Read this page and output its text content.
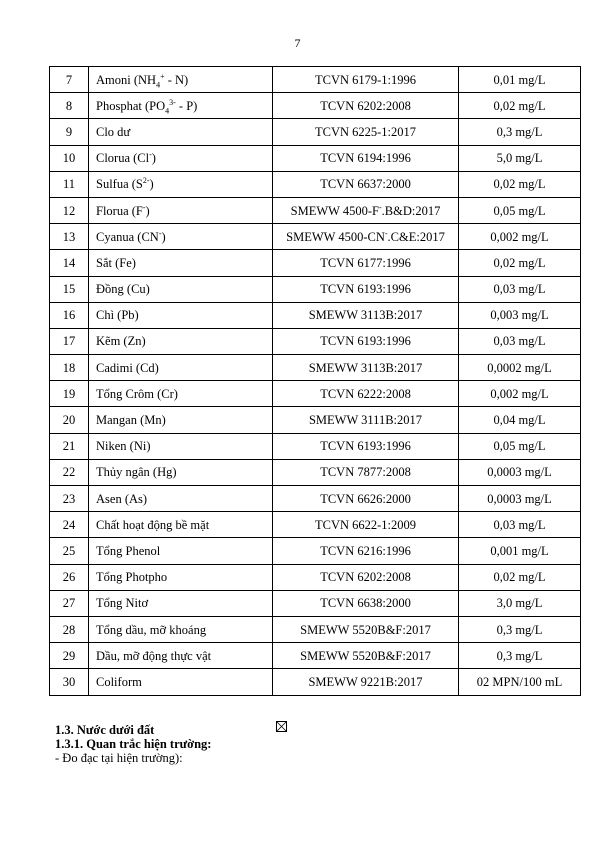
7
7	Amoni $(NH_4^+ - N)$	TCVN 6179-1:1996	0,01 mg/L
8	Phosphat $(PO_4^{3-} - P)$	TCVN 6202:2008	0,02 mg/L
9	Clo dư	TCVN 6225-1:2017	0,3 mg/L
10	Clorua (Cl-)	TCVN 6194:1996	5,0 mg/L
11	Sulfua $(S^{2-})$	TCVN 6637:2000	0,02 mg/L
12	Florua (F-)	SMEWW 4500-F-.B&D:2017	0,05 mg/L
13	Cyanua (CN-)	SMEWW 4500-CN-.C&E:2017	0,002 mg/L
14	Sắt (Fe)	TCVN 6177:1996	0,02 mg/L
15	Đồng (Cu)	TCVN 6193:1996	0,03 mg/L
16	Chì (Pb)	SMEWW 3113B:2017	0,003 mg/L
17	Kẽm (Zn)	TCVN 6193:1996	0,03 mg/L
18	Cadimi (Cd)	SMEWW 3113B:2017	0,0002 mg/L
19	Tổng Crôm (Cr)	TCVN 6222:2008	0,002 mg/L
20	Mangan (Mn)	SMEWW 3111B:2017	0,04 mg/L
21	Niken (Ni)	TCVN 6193:1996	0,05 mg/L
22	Thủy ngân (Hg)	TCVN 7877:2008	0,0003 mg/L
23	Asen (As)	TCVN 6626:2000	0,0003 mg/L
24	Chất hoạt động bề mặt	TCVN 6622-1:2009	0,03 mg/L
25	Tổng Phenol	TCVN 6216:1996	0,001 mg/L
26	Tổng Photpho	TCVN 6202:2008	0,02 mg/L
27	Tổng Nitơ	TCVN 6638:2000	3,0 mg/L
28	Tổng dầu, mỡ khoáng	SMEWW 5520B&F:2017	0,3 mg/L
29	Dầu, mỡ động thực vật	SMEWW 5520B&F:2017	0,3 mg/L
30	Coliform	SMEWW 9221B:2017	02 MPN/100 mL
1.3. Nước dưới đất
1.3.1. Quan trắc hiện trường:
- Đo đạc tại hiện trường):
